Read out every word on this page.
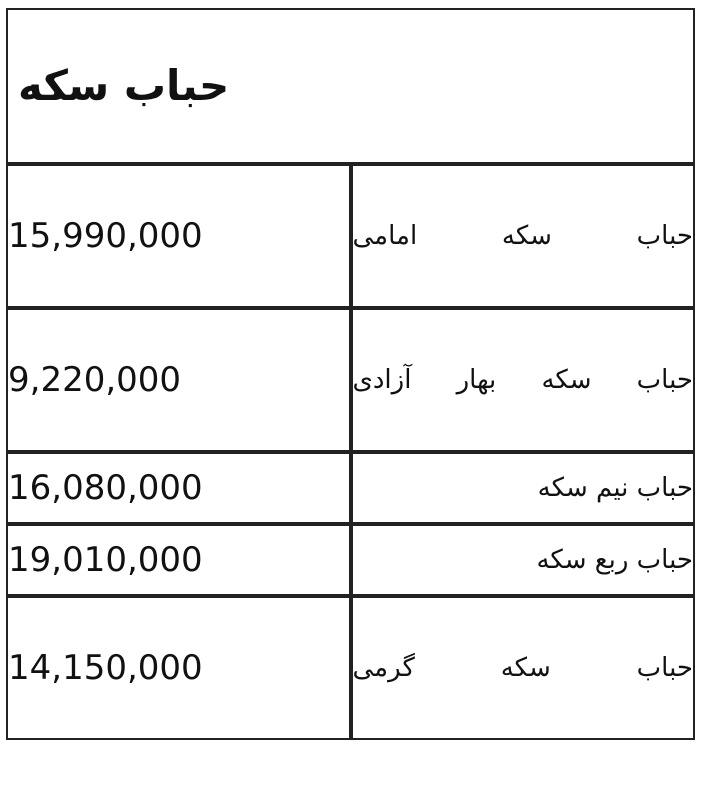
حباب سکه	

حباب سکه امامی	15,990,000
حباب سکه بهار آزادی	9,220,000
حباب نیم سکه	16,080,000
حباب ربع سکه	19,010,000
حباب سکه گرمی	14,150,000
